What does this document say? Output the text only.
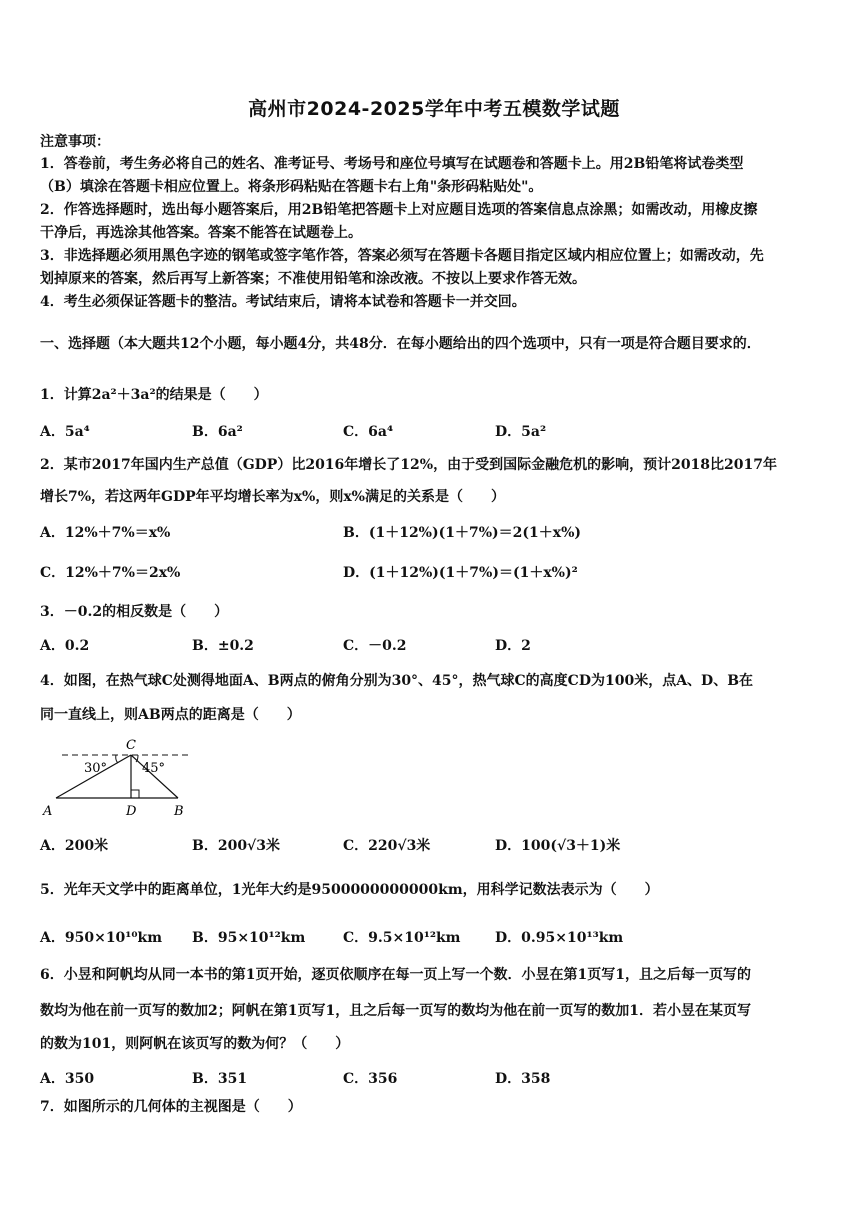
高州市2024-2025学年中考五模数学试题
注意事项：
1．答卷前，考生务必将自己的姓名、准考证号、考场号和座位号填写在试题卷和答题卡上。用2B铅笔将试卷类型
（B）填涂在答题卡相应位置上。将条形码粘贴在答题卡右上角"条形码粘贴处"。
2．作答选择题时，选出每小题答案后，用2B铅笔把答题卡上对应题目选项的答案信息点涂黑；如需改动，用橡皮擦
干净后，再选涂其他答案。答案不能答在试题卷上。
3．非选择题必须用黑色字迹的钢笔或签字笔作答，答案必须写在答题卡各题目指定区域内相应位置上；如需改动，先
划掉原来的答案，然后再写上新答案；不准使用铅笔和涂改液。不按以上要求作答无效。
4．考生必须保证答题卡的整洁。考试结束后，请将本试卷和答题卡一并交回。
一、选择题（本大题共12个小题，每小题4分，共48分．在每小题给出的四个选项中，只有一项是符合题目要求的．
1．计算2a²＋3a²的结果是（　　）
A．5a⁴	B．6a²	C．6a⁴	D．5a²
2．某市2017年国内生产总值（GDP）比2016年增长了12%，由于受到国际金融危机的影响，预计2018比2017年
增长7%，若这两年GDP年平均增长率为x%，则x%满足的关系是（　　）
A．12%＋7%＝x%	B．(1＋12%)(1＋7%)＝2(1＋x%)
C．12%＋7%＝2x%	D．(1＋12%)(1＋7%)＝(1＋x%)²
3．－0.2的相反数是（　　）
A．0.2	B．±0.2	C．－0.2	D．2
4．如图，在热气球C处测得地面A、B两点的俯角分别为30°、45°，热气球C的高度CD为100米，点A、D、B在
同一直线上，则AB两点的距离是（　　）
C
30°	45°
A	D	B
A．200米	B．200√3米	C．220√3米	D．100(√3＋1)米
5．光年天文学中的距离单位，1光年大约是9500000000000km，用科学记数法表示为（　　）
A．950×10¹⁰km B．95×10¹²km	C．9.5×10¹²km D．0.95×10¹³km
6．小昱和阿帆均从同一本书的第1页开始，逐页依顺序在每一页上写一个数．小昱在第1页写1，且之后每一页写的
数均为他在前一页写的数加2；阿帆在第1页写1，且之后每一页写的数均为他在前一页写的数加1．若小昱在某页写
的数为101，则阿帆在该页写的数为何？（　　）
A．350	B．351	C．356	D．358
7．如图所示的几何体的主视图是（　　）
